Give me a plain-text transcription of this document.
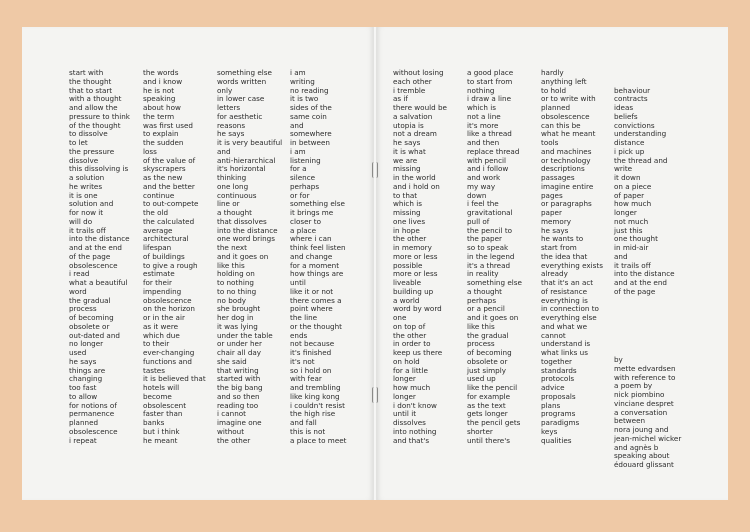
start with
the thought
that to start
with a thought
and allow the
pressure to think
of the thought
to dissolve
to let
the pressure
dissolve
this dissolving is
a solution
he writes
it is one
solution and
for now it
will do
it trails off
into the distance
and at the end
of the page
obsolescence
i read
what a beautiful
word
the gradual
process
of becoming
obsolete or
out-dated and
no longer
used
he says
things are
changing
too fast
to allow
for notions of
permanence
planned
obsolescence
i repeat
the words
and i know
he is not
speaking
about how
the term
was first used
to explain
the sudden
loss
of the value of
skyscrapers
as the new
and the better
continue
to out-compete
the old
the calculated
average
architectural
lifespan
of buildings
to give a rough
estimate
for their
impending
obsolescence
on the horizon
or in the air
as it were
which due
to their
ever-changing
functions and
tastes
it is believed that
hotels will
become
obsolescent
faster than
banks
but i think
he meant
something else
words written
only
in lower case
letters
for aesthetic
reasons
he says
it is very beautiful
and
anti-hierarchical
it's horizontal
thinking
one long
continuous
line or
a thought
that dissolves
into the distance
one word brings
the next
and it goes on
like this
holding on
to nothing
to no thing
no body
she brought
her dog in
it was lying
under the table
or under her
chair all day
she said
that writing
started with
the big bang
and so then
reading too
i cannot
imagine one
without
the other
i am
writing
no reading
it is two
sides of the
same coin
and
somewhere
in between
i am
listening
for a
silence
perhaps
or for
something else
it brings me
closer to
a place
where i can
think feel listen
and change
for a moment
how things are
until
like it or not
there comes a
point where
the line
or the thought
ends
not because
it's finished
it's not
so i hold on
with fear
and trembling
like king kong
i couldn't resist
the high rise
and fall
this is not
a place to meet
without losing
each other
i tremble
as if
there would be
a salvation
utopia is
not a dream
he says
it is what
we are
missing
in the world
and i hold on
to that
which is
missing
one lives
in hope
the other
in memory
more or less
possible
more or less
liveable
building up
a world
word by word
one
on top of
the other
in order to
keep us there
on hold
for a little
longer
how much
longer
i don't know
until it
dissolves
into nothing
and that's
a good place
to start from
nothing
i draw a line
which is
not a line
it's more
like a thread
and then
replace thread
with pencil
and i follow
and work
my way
down
i feel the
gravitational
pull of
the pencil to
the paper
so to speak
in the legend
it's a thread
in reality
something else
a thought
perhaps
or a pencil
and it goes on
like this
the gradual
process
of becoming
obsolete or
just simply
used up
like the pencil
for example
as the text
gets longer
the pencil gets
shorter
until there's
hardly
anything left
to hold
or to write with
planned
obsolescence
can this be
what he meant
tools
and machines
or technology
descriptions
passages
imagine entire
pages
or paragraphs
paper
memory
he says
he wants to
start from
the idea that
everything exists
already
that it's an act
of resistance
everything is
in connection to
everything else
and what we
cannot
understand is
what links us
together
standards
protocols
advice
proposals
plans
programs
paradigms
keys
qualities

behaviour
contracts
ideas
beliefs
convictions
understanding
distance
i pick up
the thread and
write
it down
on a piece
of paper
how much
longer
not much
just this
one thought
in mid-air
and
it trails off
into the distance
and at the end
of the page
by
mette edvardsen
with reference to
a poem by
nick piombino
vinciane despret
a conversation
between
nora joung and
jean-michel wicker
and agnès b
speaking about
édouard glissant
